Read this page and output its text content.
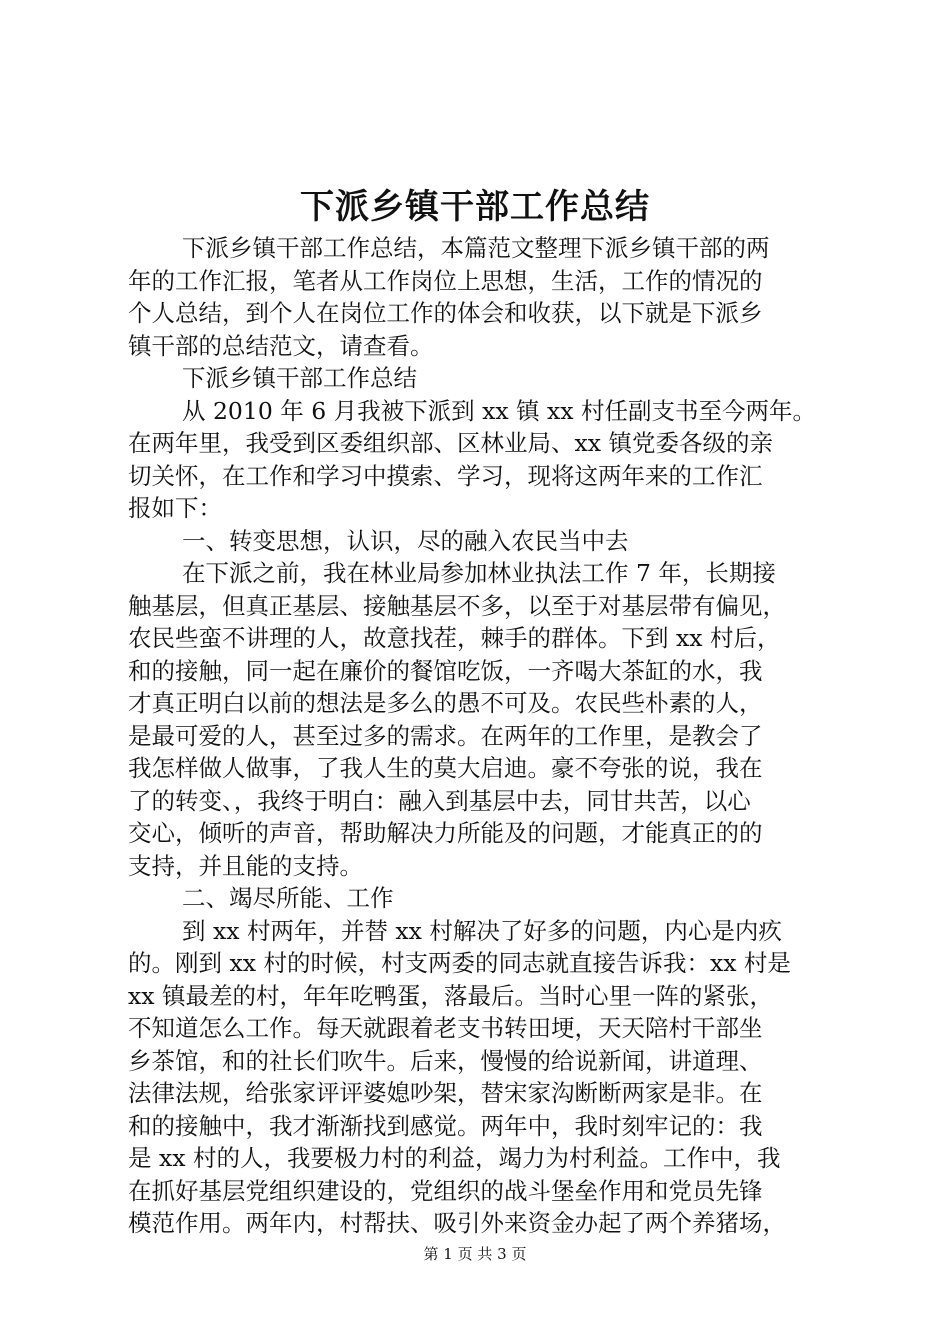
下派乡镇干部工作总结
下派乡镇干部工作总结，本篇范文整理下派乡镇干部的两
年的工作汇报，笔者从工作岗位上思想，生活，工作的情况的
个人总结，到个人在岗位工作的体会和收获，以下就是下派乡
镇干部的总结范文，请查看。
下派乡镇干部工作总结
从 2010 年 6 月我被下派到 xx 镇 xx 村任副支书至今两年。
在两年里，我受到区委组织部、区林业局、xx 镇党委各级的亲
切关怀，在工作和学习中摸索、学习，现将这两年来的工作汇
报如下：
一、转变思想，认识，尽的融入农民当中去
在下派之前，我在林业局参加林业执法工作 7 年，长期接
触基层，但真正基层、接触基层不多，以至于对基层带有偏见，
农民些蛮不讲理的人，故意找茬，棘手的群体。下到 xx 村后，
和的接触，同一起在廉价的餐馆吃饭，一齐喝大茶缸的水，我
才真正明白以前的想法是多么的愚不可及。农民些朴素的人，
是最可爱的人，甚至过多的需求。在两年的工作里，是教会了
我怎样做人做事，了我人生的莫大启迪。豪不夸张的说，我在
了的转变、，我终于明白：融入到基层中去，同甘共苦，以心
交心，倾听的声音，帮助解决力所能及的问题，才能真正的的
支持，并且能的支持。
二、竭尽所能、工作
到 xx 村两年，并替 xx 村解决了好多的问题，内心是内疚
的。刚到 xx 村的时候，村支两委的同志就直接告诉我：xx 村是
xx 镇最差的村，年年吃鸭蛋，落最后。当时心里一阵的紧张，
不知道怎么工作。每天就跟着老支书转田埂，天天陪村干部坐
乡茶馆，和的社长们吹牛。后来，慢慢的给说新闻，讲道理、
法律法规，给张家评评婆媳吵架，替宋家沟断断两家是非。在
和的接触中，我才渐渐找到感觉。两年中，我时刻牢记的：我
是 xx 村的人，我要极力村的利益，竭力为村利益。工作中，我
在抓好基层党组织建设的，党组织的战斗堡垒作用和党员先锋
模范作用。两年内，村帮扶、吸引外来资金办起了两个养猪场，
第 1 页 共 3 页
